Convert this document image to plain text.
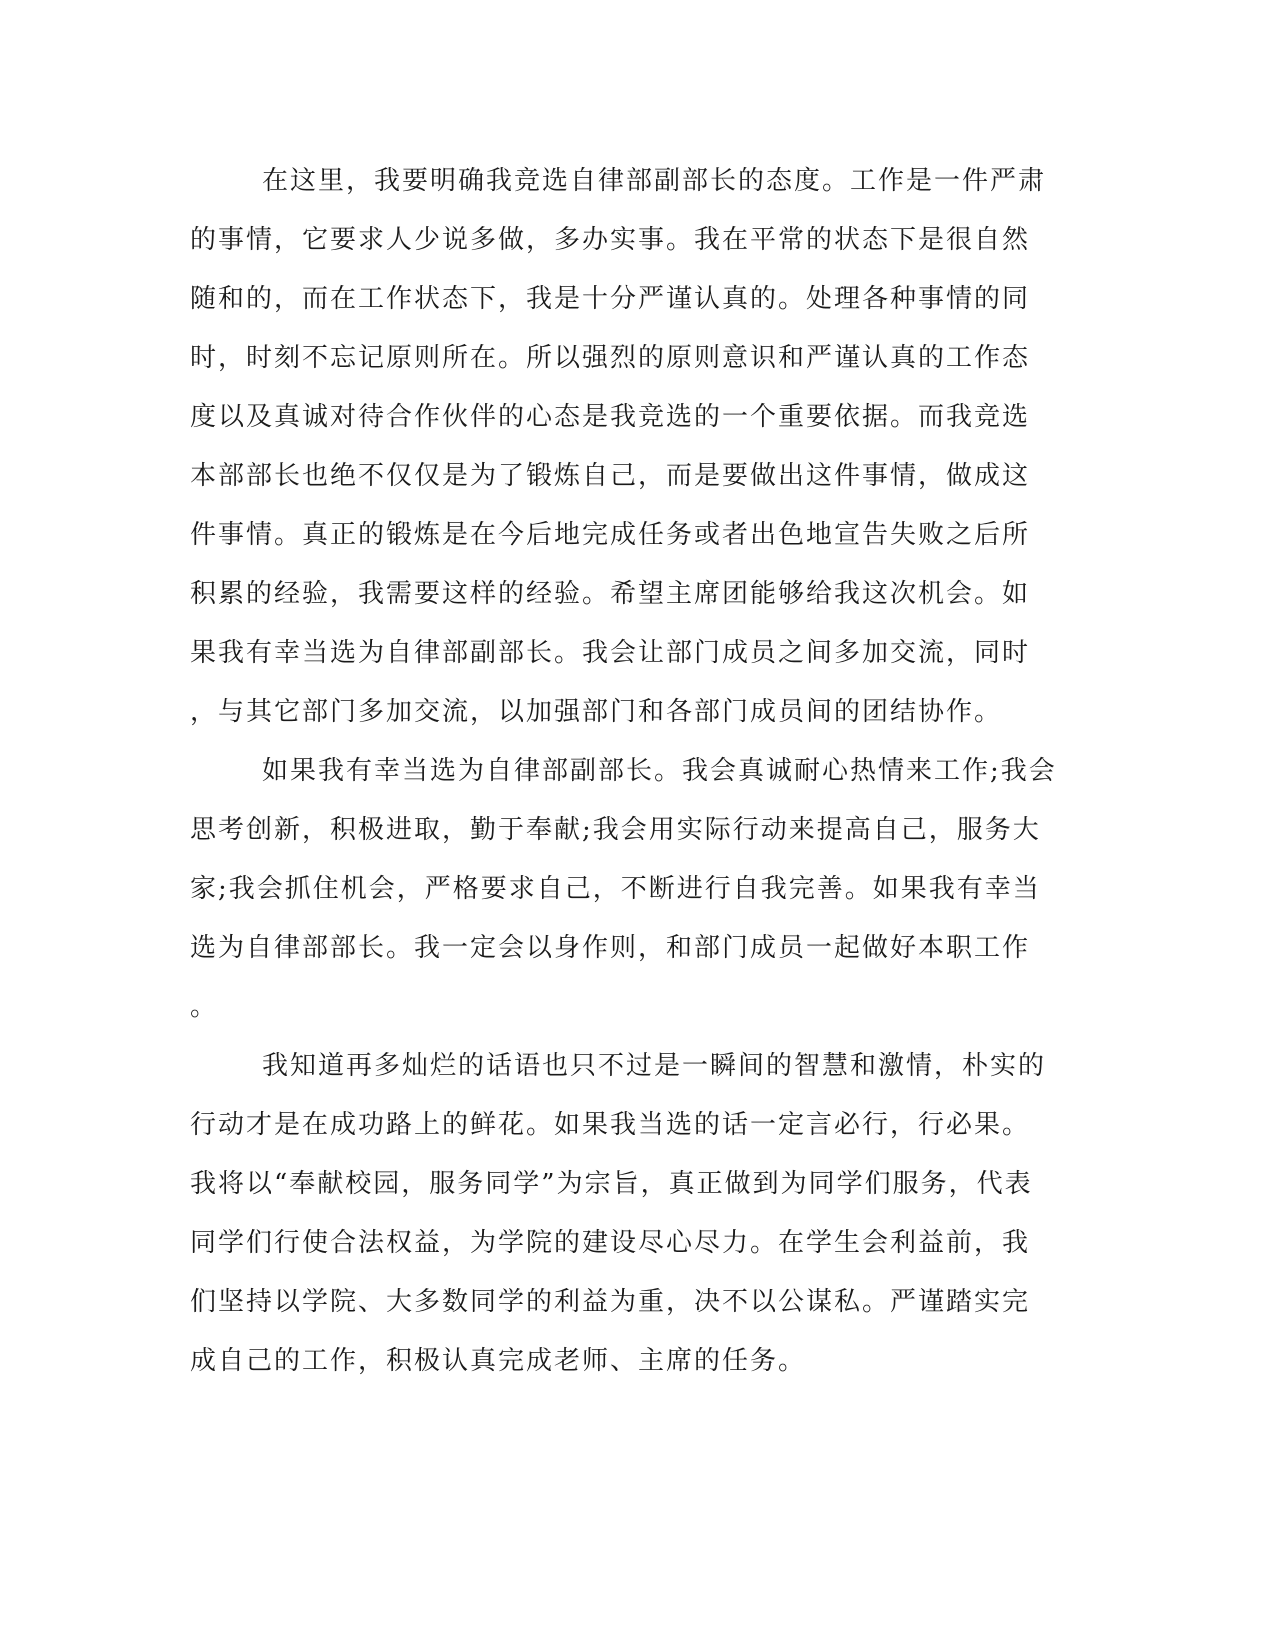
在这里，我要明确我竞选自律部副部长的态度。工作是一件严肃
的事情，它要求人少说多做，多办实事。我在平常的状态下是很自然
随和的，而在工作状态下，我是十分严谨认真的。处理各种事情的同
时，时刻不忘记原则所在。所以强烈的原则意识和严谨认真的工作态
度以及真诚对待合作伙伴的心态是我竞选的一个重要依据。而我竞选
本部部长也绝不仅仅是为了锻炼自己，而是要做出这件事情，做成这
件事情。真正的锻炼是在今后地完成任务或者出色地宣告失败之后所
积累的经验，我需要这样的经验。希望主席团能够给我这次机会。如
果我有幸当选为自律部副部长。我会让部门成员之间多加交流，同时
，与其它部门多加交流，以加强部门和各部门成员间的团结协作。
如果我有幸当选为自律部副部长。我会真诚耐心热情来工作;我会
思考创新，积极进取，勤于奉献;我会用实际行动来提高自己，服务大
家;我会抓住机会，严格要求自己，不断进行自我完善。如果我有幸当
选为自律部部长。我一定会以身作则，和部门成员一起做好本职工作
。
我知道再多灿烂的话语也只不过是一瞬间的智慧和激情，朴实的
行动才是在成功路上的鲜花。如果我当选的话一定言必行，行必果。
我将以“奉献校园，服务同学”为宗旨，真正做到为同学们服务，代表
同学们行使合法权益，为学院的建设尽心尽力。在学生会利益前，我
们坚持以学院、大多数同学的利益为重，决不以公谋私。严谨踏实完
成自己的工作，积极认真完成老师、主席的任务。
